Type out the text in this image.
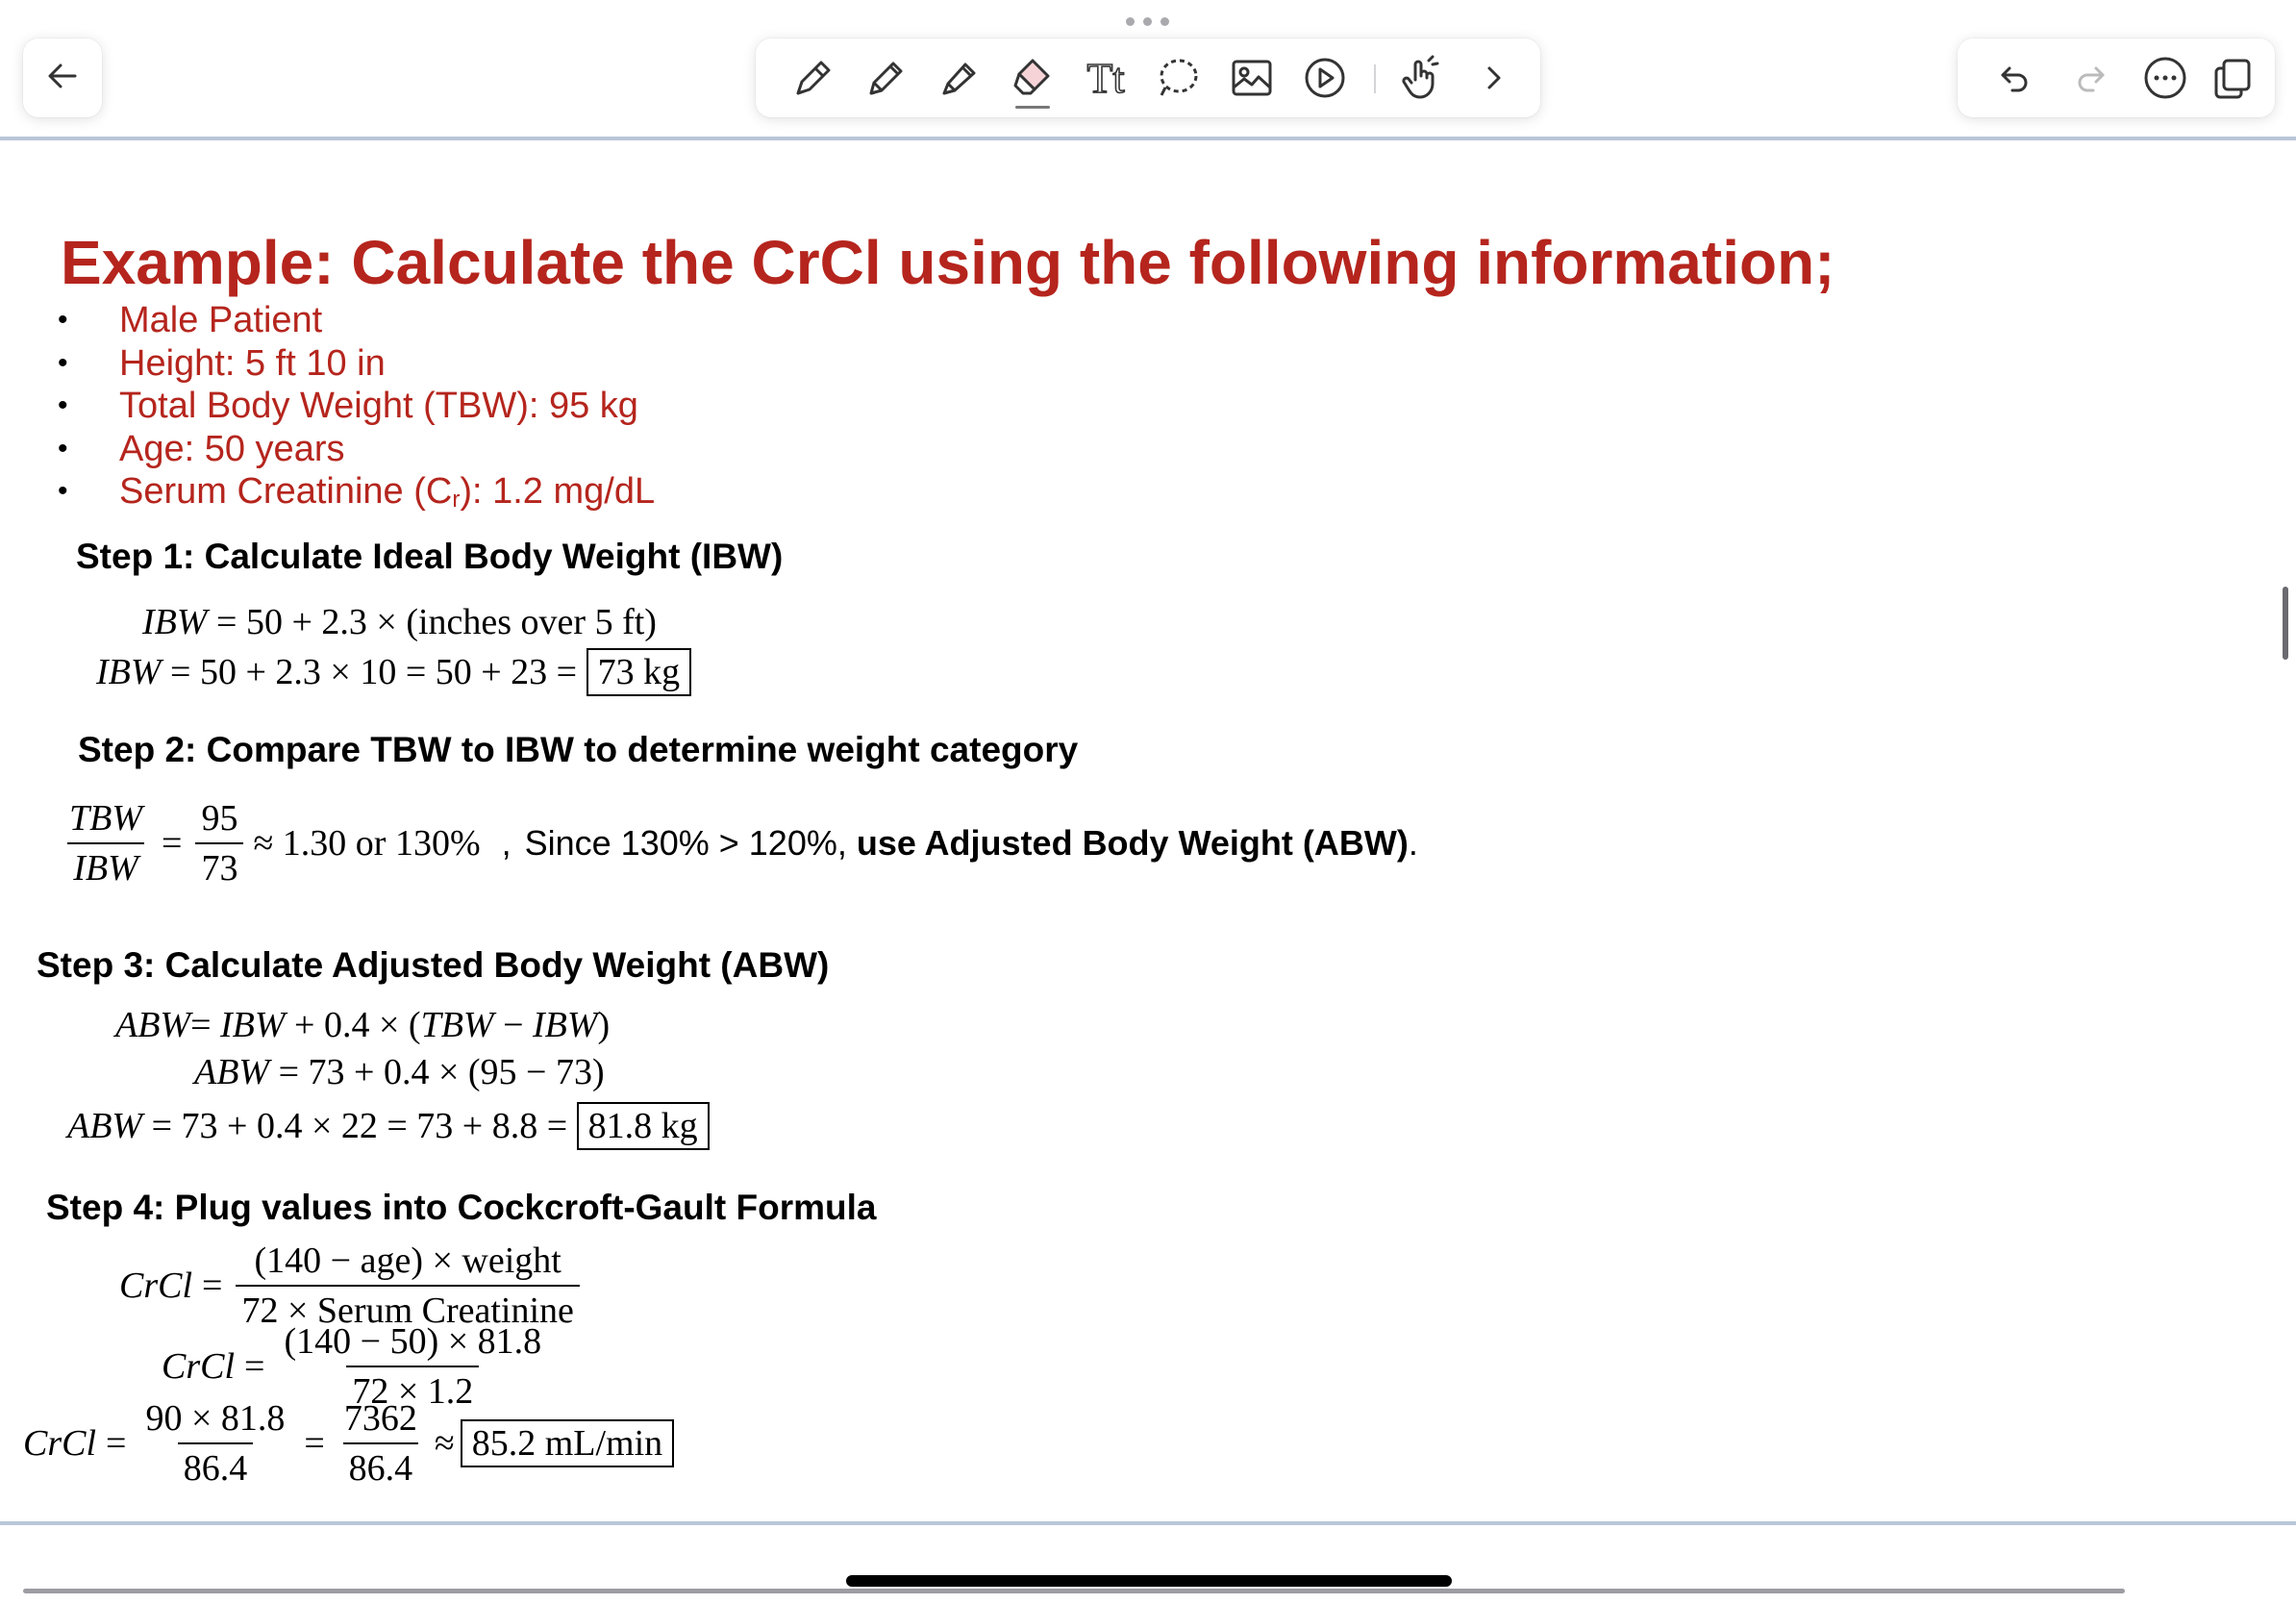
Tt
Example: Calculate the CrCl using the following information;
• Male Patient
• Height: 5 ft 10 in
• Total Body Weight (TBW): 95 kg
• Age: 50 years
• Serum Creatinine $(C_r)$: 1.2 mg/dL
Step 1: Calculate Ideal Body Weight (IBW)
IBW = 50 + 2.3 × (inches over 5 ft)
IBW = 50 + 2.3 × 10 = 50 + 23 = 73 kg
Step 2: Compare TBW to IBW to determine weight category
$\frac{\text{TBW}}{\text{IBW}} = \frac{95}{73} \approx 1.30$ or 130% , Since 130% > 120%, use Adjusted Body Weight (ABW) .
Step 3: Calculate Adjusted Body Weight (ABW)
ABW= IBW + 0.4 × (TBW − IBW)
ABW = 73 + 0.4 × (95 − 73)
ABW = 73 + 0.4 × 22 = 73 + 8.8 = 81.8 kg
Step 4: Plug values into Cockcroft-Gault Formula
CrCl = $\frac{\text{(140 − age) × weight}}{\text{72 × Serum Creatinine}}$
CrCl = $\frac{(140 - 50) \times 81.8}{72 \times 1.2}$
CrCl = $\frac{90 \times 81.8}{86.4} = \frac{7362}{86.4} \approx 85.2$ mL/min
